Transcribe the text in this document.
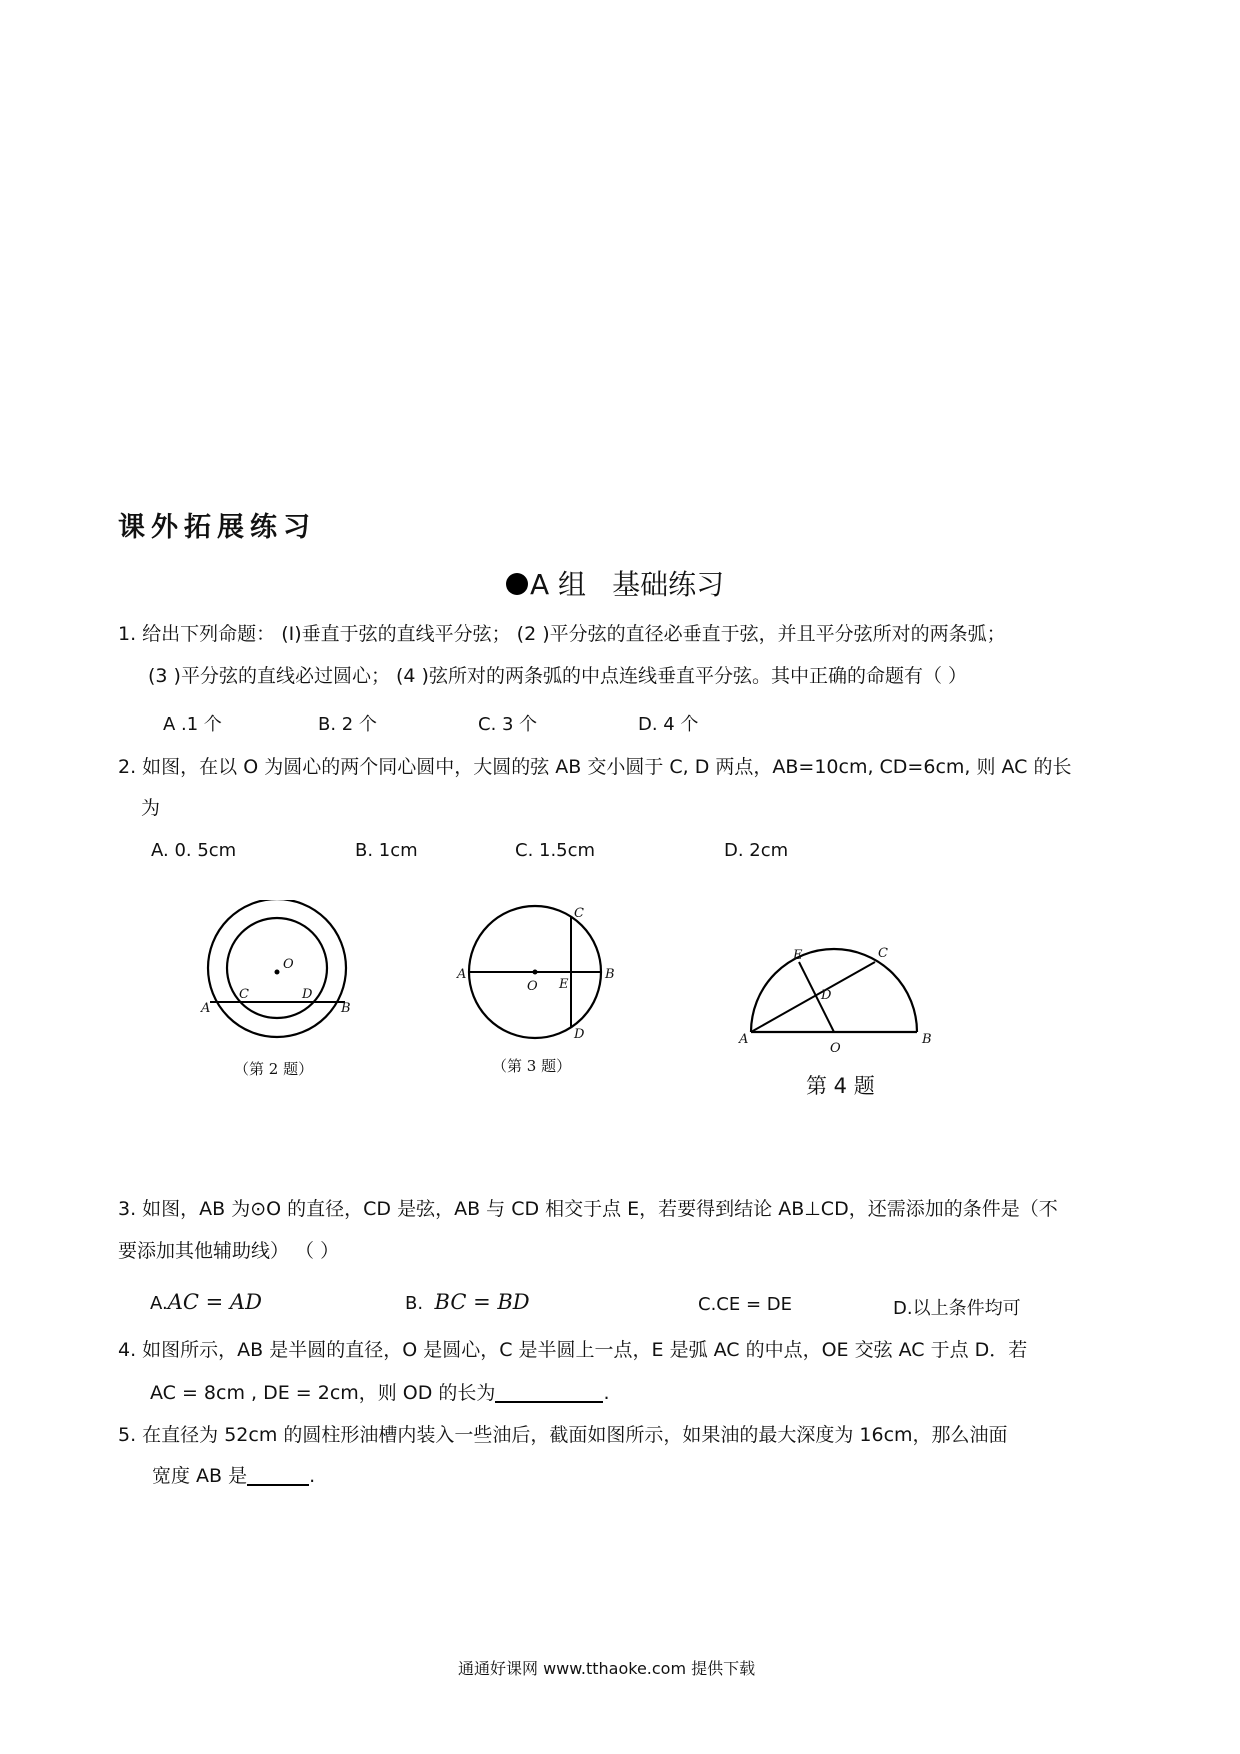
课外拓展练习
A 组 基础练习
1. 给出下列命题： (Ⅰ)垂直于弦的直线平分弦； (2 )平分弦的直径必垂直于弦，并且平分弦所对的两条弧；
(3 )平分弦的直线必过圆心； (4 )弦所对的两条弧的中点连线垂直平分弦。其中正确的命题有（ ）
A .1 个	B. 2 个	C. 3 个	D. 4 个
2. 如图，在以 O 为圆心的两个同心圆中，大圆的弦 AB 交小圆于 C, D 两点，AB=10cm, CD=6cm, 则 AC 的长
为
A. 0. 5cm	B. 1cm	C. 1.5cm	D. 2cm
O
A
C	D
B
（第 2 题）
A	B
C
D
E
O
（第 3 题）
A	B
C
D
E
O
第 4 题
3. 如图，AB 为⊙O 的直径，CD 是弦，AB 与 CD 相交于点 E，若要得到结论 AB⊥CD，还需添加的条件是（不
要添加其他辅助线） （ ）
A.AC = AD	B. BC = BD	C.CE = DE	D.以上条件均可
4. 如图所示，AB 是半圆的直径，O 是圆心，C 是半圆上一点，E 是弧 AC 的中点，OE 交弦 AC 于点 D．若
AC = 8cm , DE = 2cm，则 OD 的长为	.
5. 在直径为 52cm 的圆柱形油槽内装入一些油后，截面如图所示，如果油的最大深度为 16cm，那么油面
宽度 AB 是	.
通通好课网 www.tthaoke.com 提供下载
